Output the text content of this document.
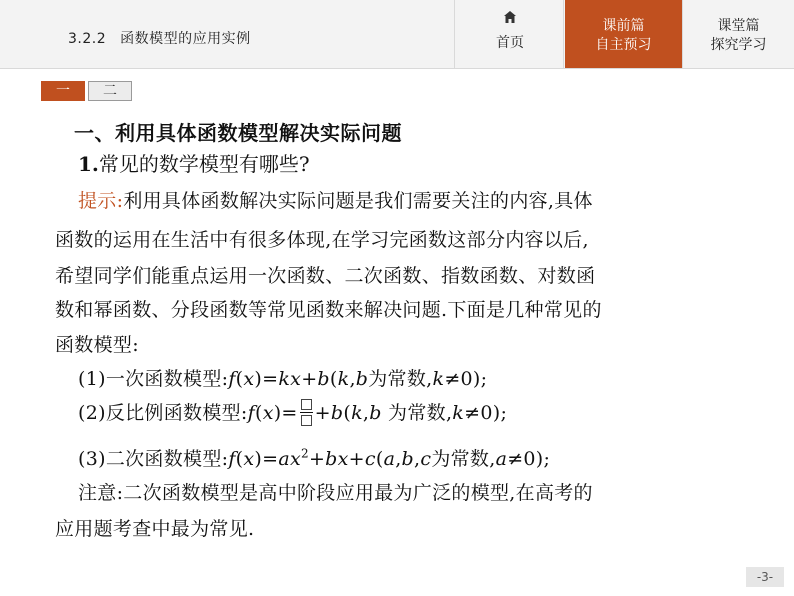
3.2.2 函数模型的应用实例	首页
课前篇
自主预习
课堂篇
探究学习
一	二
一、利用具体函数模型解决实际问题
1.常见的数学模型有哪些?
提示:利用具体函数解决实际问题是我们需要关注的内容,具体
函数的运用在生活中有很多体现,在学习完函数这部分内容以后,
希望同学们能重点运用一次函数、二次函数、指数函数、对数函
数和幂函数、分段函数等常见函数来解决问题.下面是几种常见的
函数模型:
(1)一次函数模型:f(x)=kx+b(k,b为常数,k≠0);
(2)反比例函数模型:f(x)= +b(k,b 为常数,k≠0);
(3)二次函数模型$:f(x)=ax^2+bx+c(a,b,c$为常数,a≠0);
注意:二次函数模型是高中阶段应用最为广泛的模型,在高考的
应用题考查中最为常见.
-3-
